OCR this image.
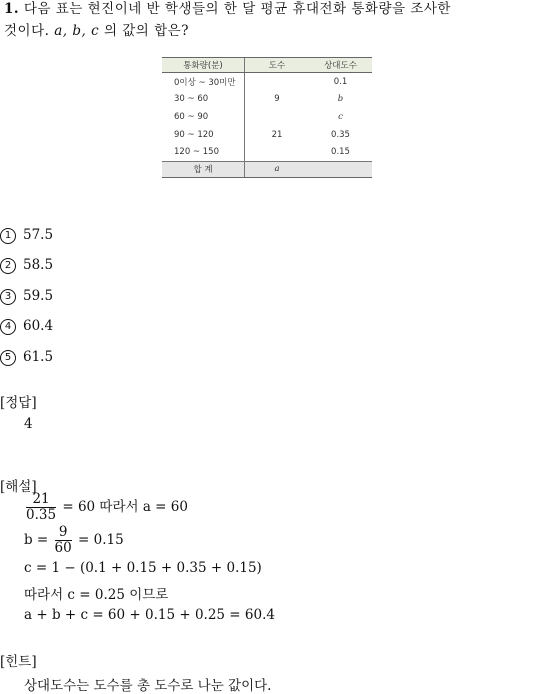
1. 다음 표는 현진이네 반 학생들의 한 달 평균 휴대전화 통화량을 조사한
것이다. a, b, c 의 값의 합은?
통화량(분)	도수	상대도수
0이상 ~ 30미만		0.1
30 ~ 60	9	b
60 ~ 90		c
90 ~ 120	21	0.35
120 ~ 150		0.15
합 계	a	
1 57.5
2 58.5
3 59.5
4 60.4
5 61.5
[정답]
4
[해설]
$\frac{21}{0.35} = 60$ 따라서 a = 60
$b = \frac{9}{60} = 0.15$
c = 1 − (0.1 + 0.15 + 0.35 + 0.15)
따라서 c = 0.25 이므로
a + b + c = 60 + 0.15 + 0.25 = 60.4
[힌트]
상대도수는 도수를 총 도수로 나눈 값이다.
